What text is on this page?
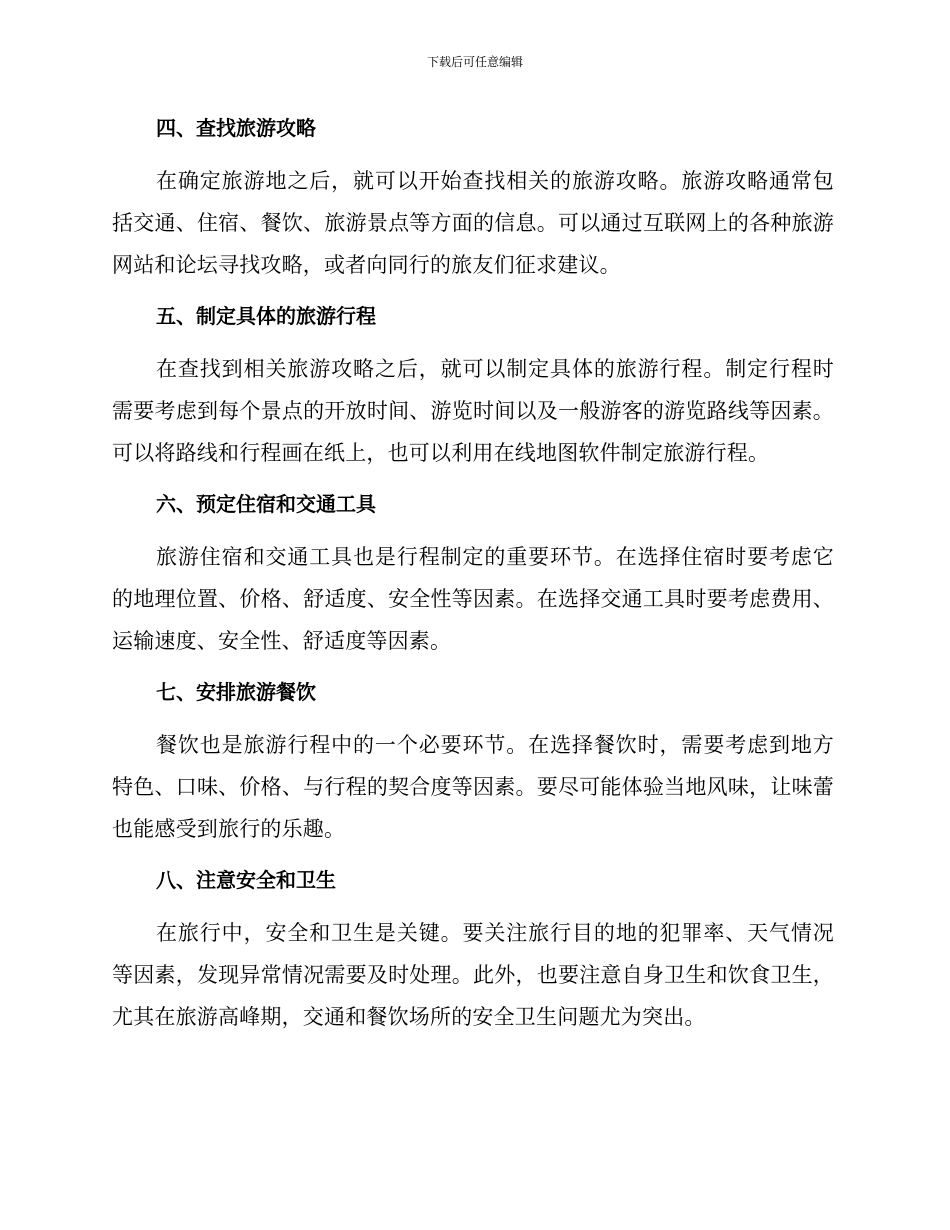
下载后可任意编辑
四、查找旅游攻略

在确定旅游地之后，就可以开始查找相关的旅游攻略。旅游攻略通常包括交通、住宿、餐饮、旅游景点等方面的信息。可以通过互联网上的各种旅游网站和论坛寻找攻略，或者向同行的旅友们征求建议。

五、制定具体的旅游行程

在查找到相关旅游攻略之后，就可以制定具体的旅游行程。制定行程时需要考虑到每个景点的开放时间、游览时间以及一般游客的游览路线等因素。可以将路线和行程画在纸上，也可以利用在线地图软件制定旅游行程。

六、预定住宿和交通工具

旅游住宿和交通工具也是行程制定的重要环节。在选择住宿时要考虑它的地理位置、价格、舒适度、安全性等因素。在选择交通工具时要考虑费用、运输速度、安全性、舒适度等因素。

七、安排旅游餐饮

餐饮也是旅游行程中的一个必要环节。在选择餐饮时，需要考虑到地方特色、口味、价格、与行程的契合度等因素。要尽可能体验当地风味，让味蕾也能感受到旅行的乐趣。

八、注意安全和卫生

在旅行中，安全和卫生是关键。要关注旅行目的地的犯罪率、天气情况等因素，发现异常情况需要及时处理。此外，也要注意自身卫生和饮食卫生，尤其在旅游高峰期，交通和餐饮场所的安全卫生问题尤为突出。
